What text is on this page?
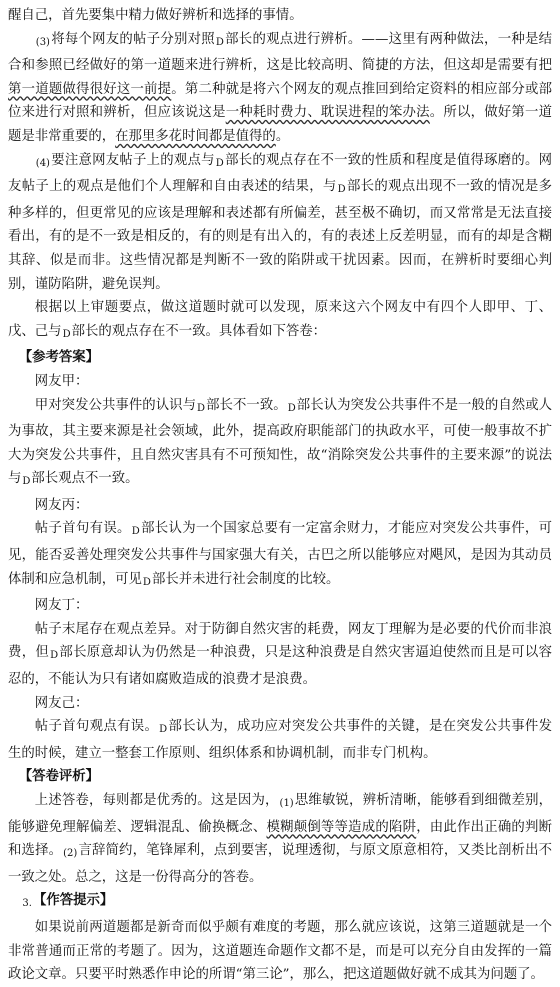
醒自己，首先要集中精力做好辨析和选择的事情。

$_{(3)}$将每个网友的帖子分别对照$_D$部长的观点进行辨析。——这里有两种做法，一种是结合和参照已经做好的第一道题来进行辨析，这是比较高明、简捷的方法，但这却是需要有把第一道题做得很好这一前提。第二种就是将六个网友的观点推回到给定资料的相应部分或部位来进行对照和辨析，但应该说这是一种耗时费力、耽误进程的笨办法。所以，做好第一道题是非常重要的，在那里多花时间都是值得的。

$_{(4)}$要注意网友帖子上的观点与$_D$部长的观点存在不一致的性质和程度是值得琢磨的。网友帖子上的观点是他们个人理解和自由表述的结果，与$_D$部长的观点出现不一致的情况是多种多样的，但更常见的应该是理解和表述都有所偏差，甚至极不确切，而又常常是无法直接看出，有的是不一致是相反的，有的则是有出入的，有的表述上反差明显，而有的却是含糊其辞、似是而非。这些情况都是判断不一致的陷阱或干扰因素。因而，在辨析时要细心判别，谨防陷阱，避免误判。

根据以上审题要点，做这道题时就可以发现，原来这六个网友中有四个人即甲、丁、戊、己与$_D$部长的观点存在不一致。具体看如下答卷：

【参考答案】

网友甲：

甲对突发公共事件的认识与$_D$部长不一致。$_D$部长认为突发公共事件不是一般的自然或人为事故，其主要来源是社会领域，此外，提高政府职能部门的执政水平，可使一般事故不扩大为突发公共事件，且自然灾害具有不可预知性，故“消除突发公共事件的主要来源”的说法与$_D$部长观点不一致。

网友丙：

帖子首句有误。$_D$部长认为一个国家总要有一定富余财力，才能应对突发公共事件，可见，能否妥善处理突发公共事件与国家强大有关，古巴之所以能够应对飓风，是因为其动员体制和应急机制，可见$_D$部长并未进行社会制度的比较。

网友丁：

帖子末尾存在观点差异。对于防御自然灾害的耗费，网友丁理解为是必要的代价而非浪费，但$_D$部长原意却认为仍然是一种浪费，只是这种浪费是自然灾害逼迫使然而且是可以容忍的，不能认为只有诸如腐败造成的浪费才是浪费。

网友己：

帖子首句观点有误。$_D$部长认为，成功应对突发公共事件的关键，是在突发公共事件发生的时候，建立一整套工作原则、组织体系和协调机制，而非专门机构。

【答卷评析】

上述答卷，每则都是优秀的。这是因为，$_{(1)}$思维敏锐，辨析清晰，能够看到细微差别，能够避免理解偏差、逻辑混乱、偷换概念、模糊颠倒等等造成的陷阱，由此作出正确的判断和选择。$_{(2)}$言辞简约，笔锋犀利，点到要害，说理透彻，与原文原意相符，又类比剖析出不一致之处。总之，这是一份得高分的答卷。

$_{3.}$【作答提示】

如果说前两道题都是新奇而似乎颇有难度的考题，那么就应该说，这第三道题就是一个非常普通而正常的考题了。因为，这道题连命题作文都不是，而是可以充分自由发挥的一篇政论文章。只要平时熟悉作申论的所谓“第三论”，那么，把这道题做好就不成其为问题了。
